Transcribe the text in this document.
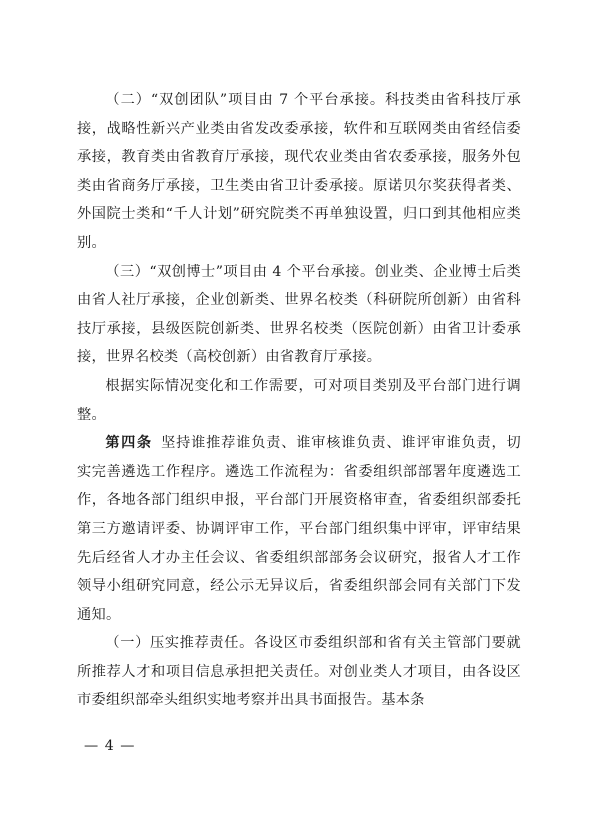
（二）“双创团队”项目由 7 个平台承接。科技类由省科技厅承接，战略性新兴产业类由省发改委承接，软件和互联网类由省经信委承接，教育类由省教育厅承接，现代农业类由省农委承接，服务外包类由省商务厅承接，卫生类由省卫计委承接。原诺贝尔奖获得者类、外国院士类和“千人计划”研究院类不再单独设置，归口到其他相应类别。

（三）“双创博士”项目由 4 个平台承接。创业类、企业博士后类由省人社厅承接，企业创新类、世界名校类（科研院所创新）由省科技厅承接，县级医院创新类、世界名校类（医院创新）由省卫计委承接，世界名校类（高校创新）由省教育厅承接。

根据实际情况变化和工作需要，可对项目类别及平台部门进行调整。

第四条 坚持谁推荐谁负责、谁审核谁负责、谁评审谁负责，切实完善遴选工作程序。遴选工作流程为：省委组织部部署年度遴选工作，各地各部门组织申报，平台部门开展资格审查，省委组织部委托第三方邀请评委、协调评审工作，平台部门组织集中评审，评审结果先后经省人才办主任会议、省委组织部部务会议研究，报省人才工作领导小组研究同意，经公示无异议后，省委组织部会同有关部门下发通知。

（一）压实推荐责任。各设区市委组织部和省有关主管部门要就所推荐人才和项目信息承担把关责任。对创业类人才项目，由各设区市委组织部牵头组织实地考察并出具书面报告。基本条

— 4 —
